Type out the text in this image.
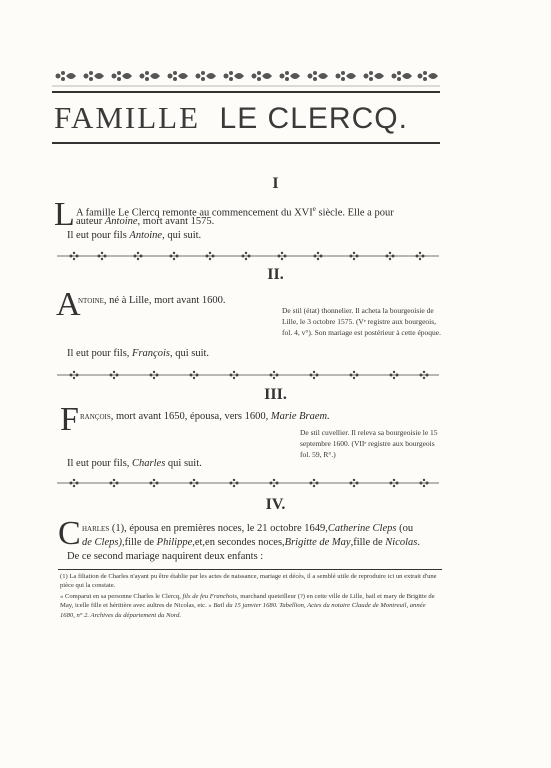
FAMILLE LE CLERCQ.
I
L A famille Le Clercq remonte au commencement du XVIe siècle. Elle a pour
auteur Antoine, mort avant 1575.
Il eut pour fils Antoine, qui suit.
II.
A
ntoine, né à Lille, mort avant 1600.
De stil (état) thonnelier. Il acheta la bourgeoisie de Lille, le 3 octobre 1575. (Vᵉ registre aux bourgeois, fol. 4, v°). Son mariage est postérieur à cette époque.
Il eut pour fils, François, qui suit.
III.
F rançois, mort avant 1650, épousa, vers 1600, Marie Braem.
De stil cuvellier. Il releva sa bourgeoisie le 15 septembre 1600. (VIIᵉ registre aux bourgeois fol. 59, R°.)
Il eut pour fils, Charles qui suit.
IV.
C harles (1), épousa en premières noces, le 21 octobre 1649,Catherine Cleps (ou
de Cleps),fille de Philippe,et,en secondes noces,Brigitte de May,fille de Nicolas.
De ce second mariage naquirent deux enfants :
(1) La filiation de Charles n'ayant pu être établie par les actes de naissance, mariage et décès, il a semblé utile de reproduire ici un extrait d'une pièce qui la constate.
« Comparut en sa personne Charles le Clercq, fils de feu Franchois, marchand queteilleur (?) en cette ville de Lille, bail et mary de Brigitte de May, icelle fille et héritière avec aultres de Nicolas, etc. » Bail du 15 janvier 1680. Tabellion, Actes du notaire Claude de Montreuil, année 1680, n° 2. Archives du département du Nord.
